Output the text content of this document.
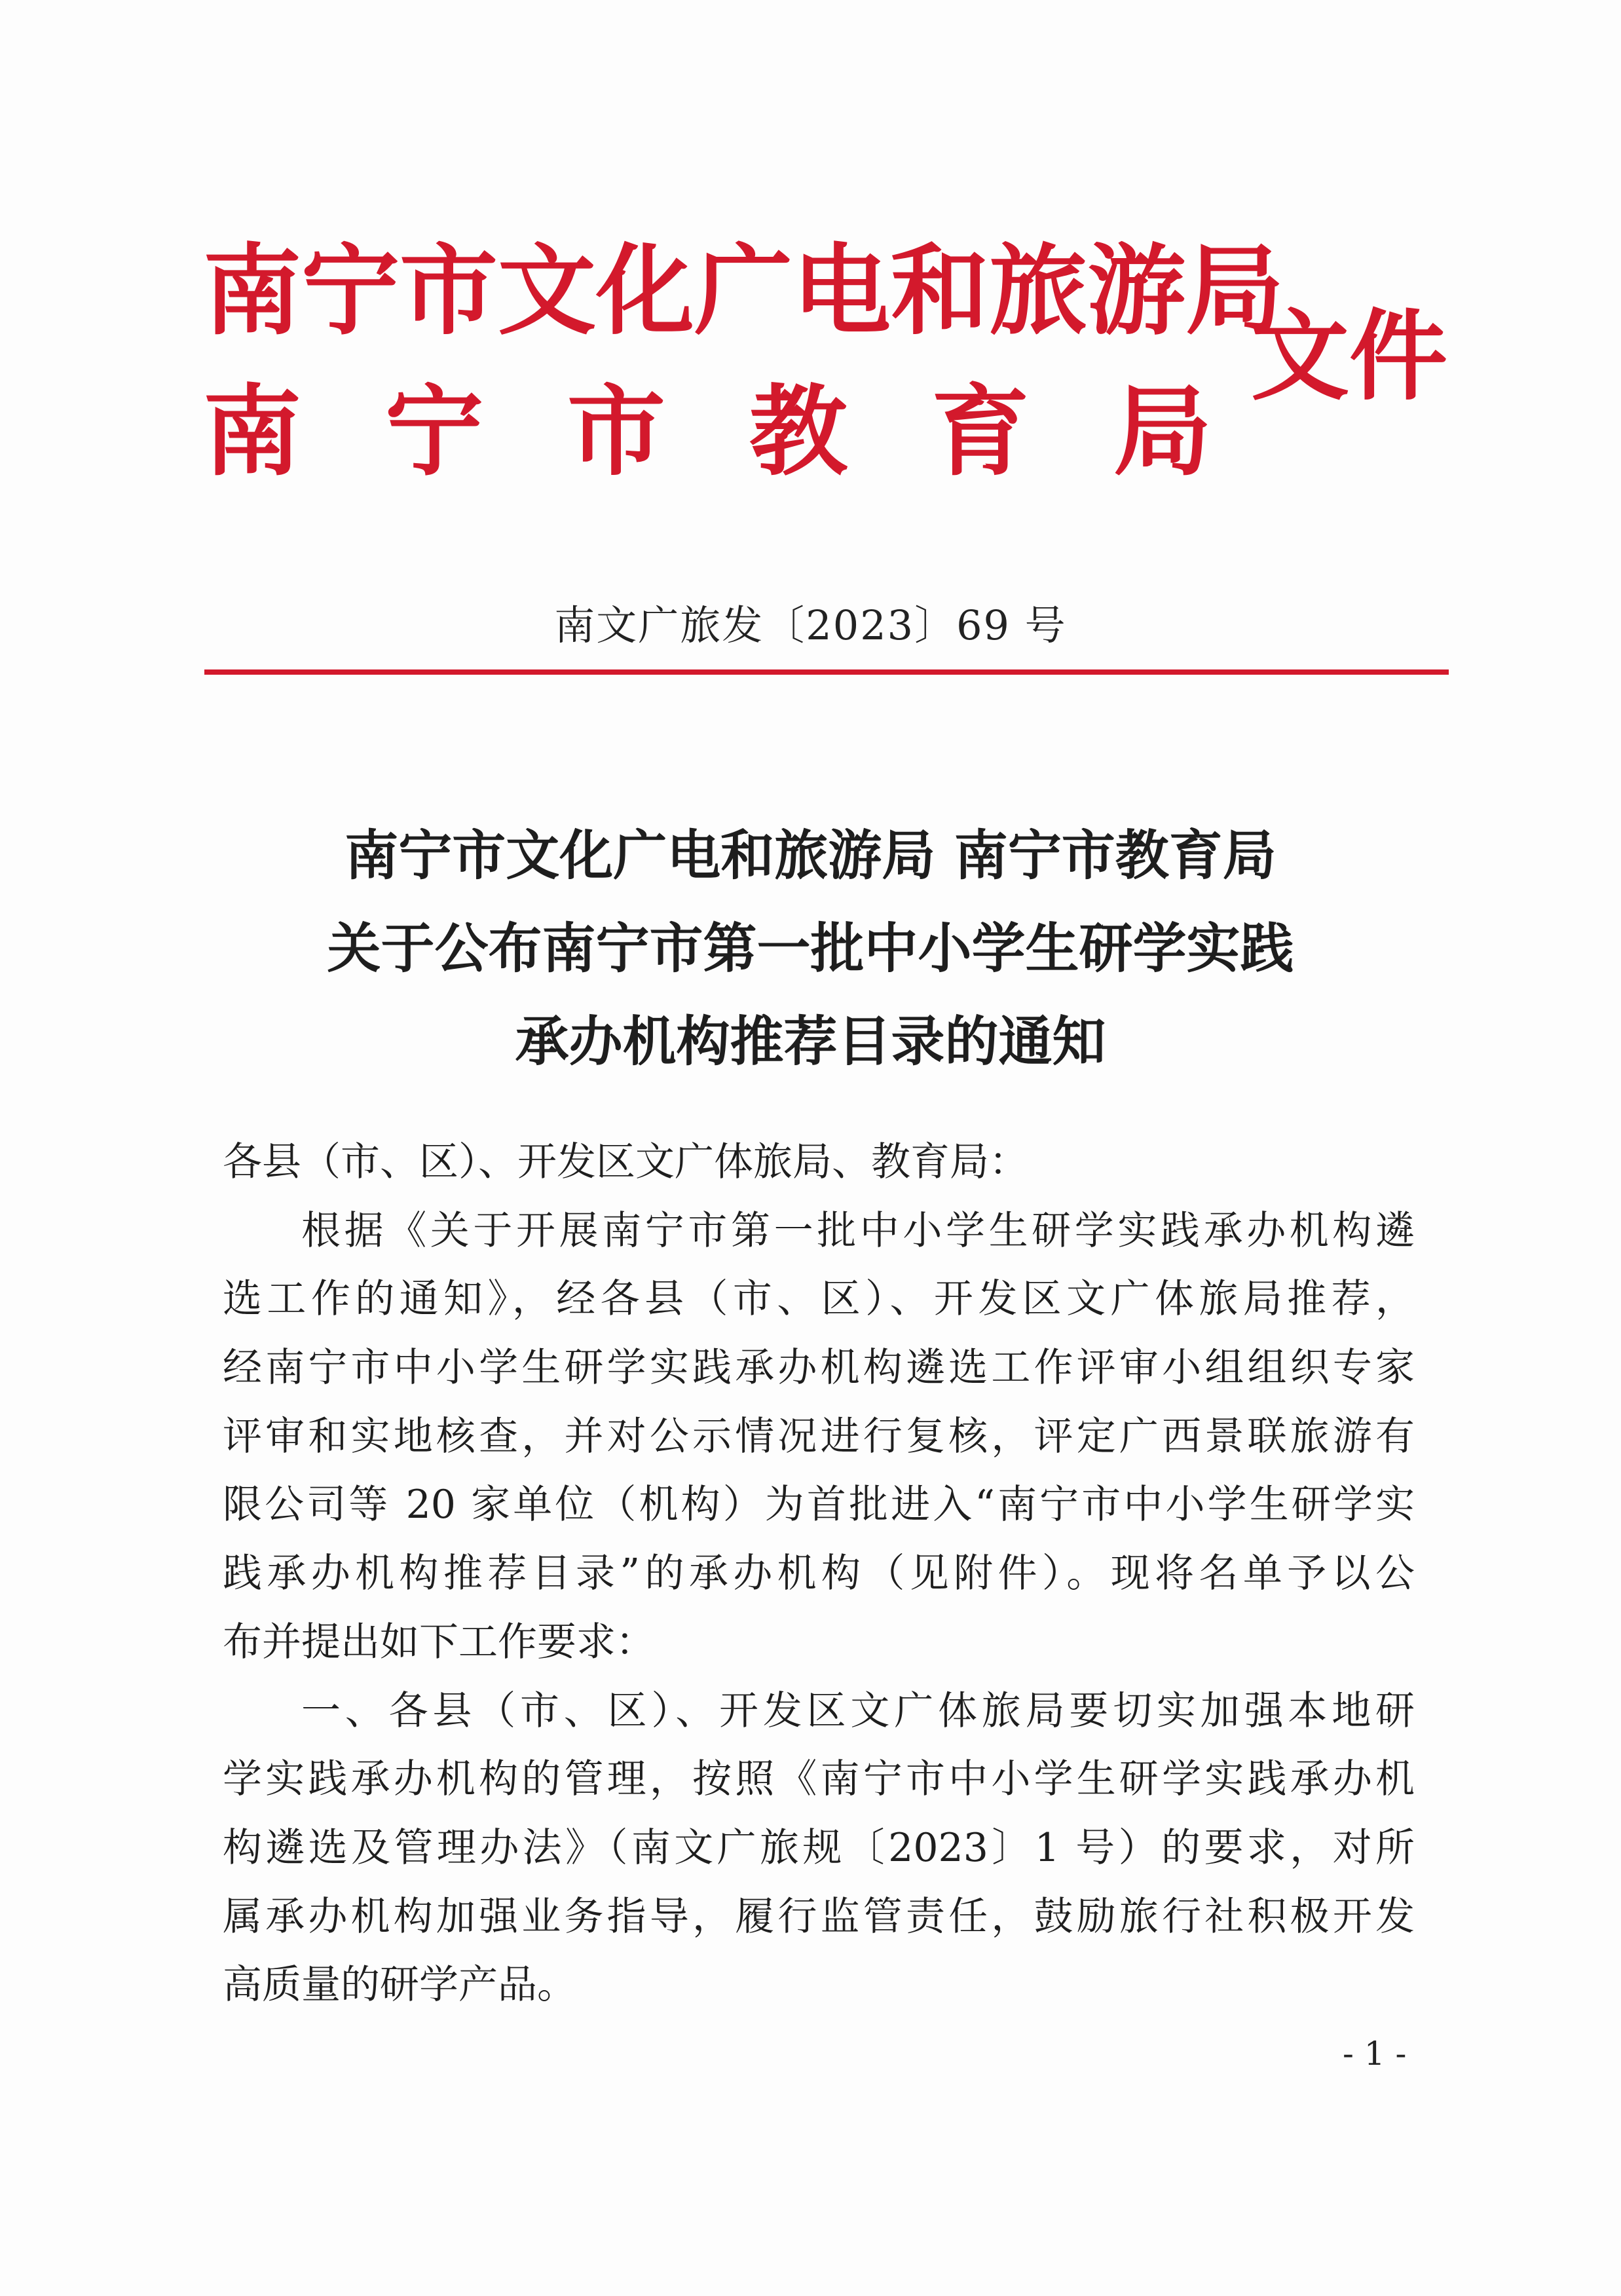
南宁市文化广电和旅游局
南 宁 市 教 育 局
文件
南文广旅发〔2023〕69 号
南宁市文化广电和旅游局 南宁市教育局
关于公布南宁市第一批中小学生研学实践
承办机构推荐目录的通知
各县（市、区）、开发区文广体旅局、教育局：
根据《关于开展南宁市第一批中小学生研学实践承办机构遴
选工作的通知》，经各县（市、区）、开发区文广体旅局推荐，
经南宁市中小学生研学实践承办机构遴选工作评审小组组织专家
评审和实地核查，并对公示情况进行复核，评定广西景联旅游有
限公司等 20 家单位（机构）为首批进入“南宁市中小学生研学实
践承办机构推荐目录”的承办机构（见附件）。现将名单予以公
布并提出如下工作要求：
一、各县（市、区）、开发区文广体旅局要切实加强本地研
学实践承办机构的管理，按照《南宁市中小学生研学实践承办机
构遴选及管理办法》（南文广旅规〔2023〕1 号）的要求，对所
属承办机构加强业务指导，履行监管责任，鼓励旅行社积极开发
高质量的研学产品。
- 1 -
